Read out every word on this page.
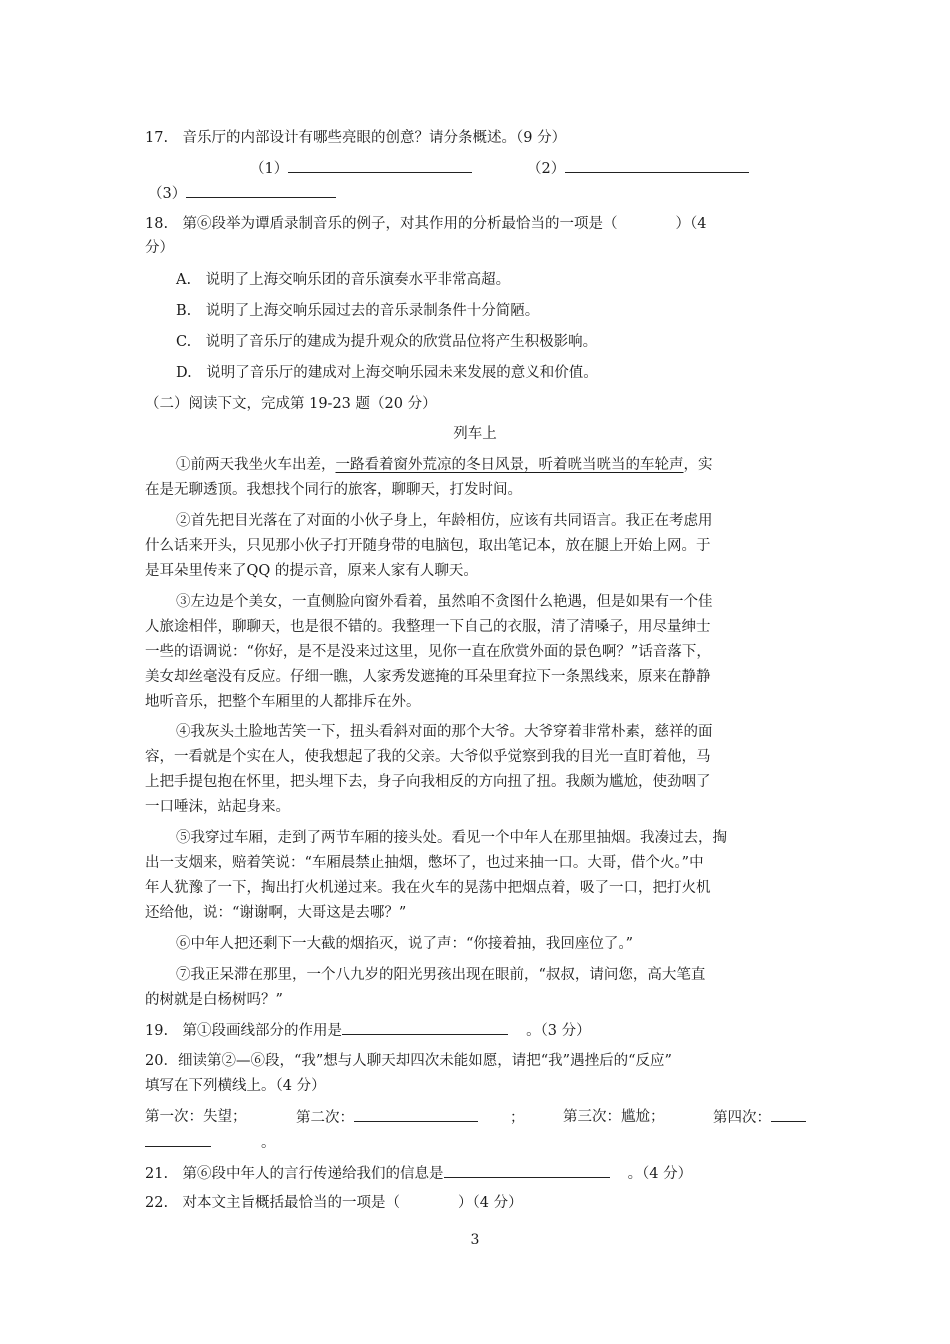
17.　音乐厅的内部设计有哪些亮眼的创意？请分条概述。（9 分）
（1）	（2）
（3）
18.　第⑥段举为谭盾录制音乐的例子，对其作用的分析最恰当的一项是（　　　　）（4
分）
A.　说明了上海交响乐团的音乐演奏水平非常高超。
B.　说明了上海交响乐园过去的音乐录制条件十分简陋。
C.　说明了音乐厅的建成为提升观众的欣赏品位将产生积极影响。
D.　说明了音乐厅的建成对上海交响乐园未来发展的意义和价值。
（二）阅读下文，完成第 19-23 题（20 分）
列车上
①前两天我坐火车出差，一路看着窗外荒凉的冬日风景，听着咣当咣当的车轮声，实
在是无聊透顶。我想找个同行的旅客，聊聊天，打发时间。
②首先把目光落在了对面的小伙子身上，年龄相仿，应该有共同语言。我正在考虑用
什么话来开头，只见那小伙子打开随身带的电脑包，取出笔记本，放在腿上开始上网。于
是耳朵里传来了QQ 的提示音，原来人家有人聊天。
③左边是个美女，一直侧脸向窗外看着，虽然咱不贪图什么艳遇，但是如果有一个佳
人旅途相伴，聊聊天，也是很不错的。我整理一下自己的衣服，清了清嗓子，用尽量绅士
一些的语调说：“你好，是不是没来过这里，见你一直在欣赏外面的景色啊？”话音落下，
美女却丝毫没有反应。仔细一瞧，人家秀发遮掩的耳朵里耷拉下一条黑线来，原来在静静
地听音乐，把整个车厢里的人都排斥在外。
④我灰头土脸地苦笑一下，扭头看斜对面的那个大爷。大爷穿着非常朴素，慈祥的面
容，一看就是个实在人，使我想起了我的父亲。大爷似乎觉察到我的目光一直盯着他，马
上把手提包抱在怀里，把头埋下去，身子向我相反的方向扭了扭。我颇为尴尬，使劲咽了
一口唾沫，站起身来。
⑤我穿过车厢，走到了两节车厢的接头处。看见一个中年人在那里抽烟。我凑过去，掏
出一支烟来，赔着笑说：“车厢晨禁止抽烟，憋坏了，也过来抽一口。大哥，借个火。”中
年人犹豫了一下，掏出打火机递过来。我在火车的晃荡中把烟点着，吸了一口，把打火机
还给他，说：“谢谢啊，大哥这是去哪？”
⑥中年人把还剩下一大截的烟掐灭，说了声：“你接着抽，我回座位了。”
⑦我正呆滞在那里，一个八九岁的阳光男孩出现在眼前，“叔叔，请问您，高大笔直
的树就是白杨树吗？”
19.　第①段画线部分的作用是	。（3 分）
20．细读第②—⑥段，“我”想与人聊天却四次未能如愿，请把“我”遇挫后的“反应”
填写在下列横线上。（4 分）
第一次：失望；	第二次：	；	第三次：尴尬；	第四次：
。
21.　第⑥段中年人的言行传递给我们的信息是	。（4 分）
22.　对本文主旨概括最恰当的一项是（　　　　）（4 分）
3
